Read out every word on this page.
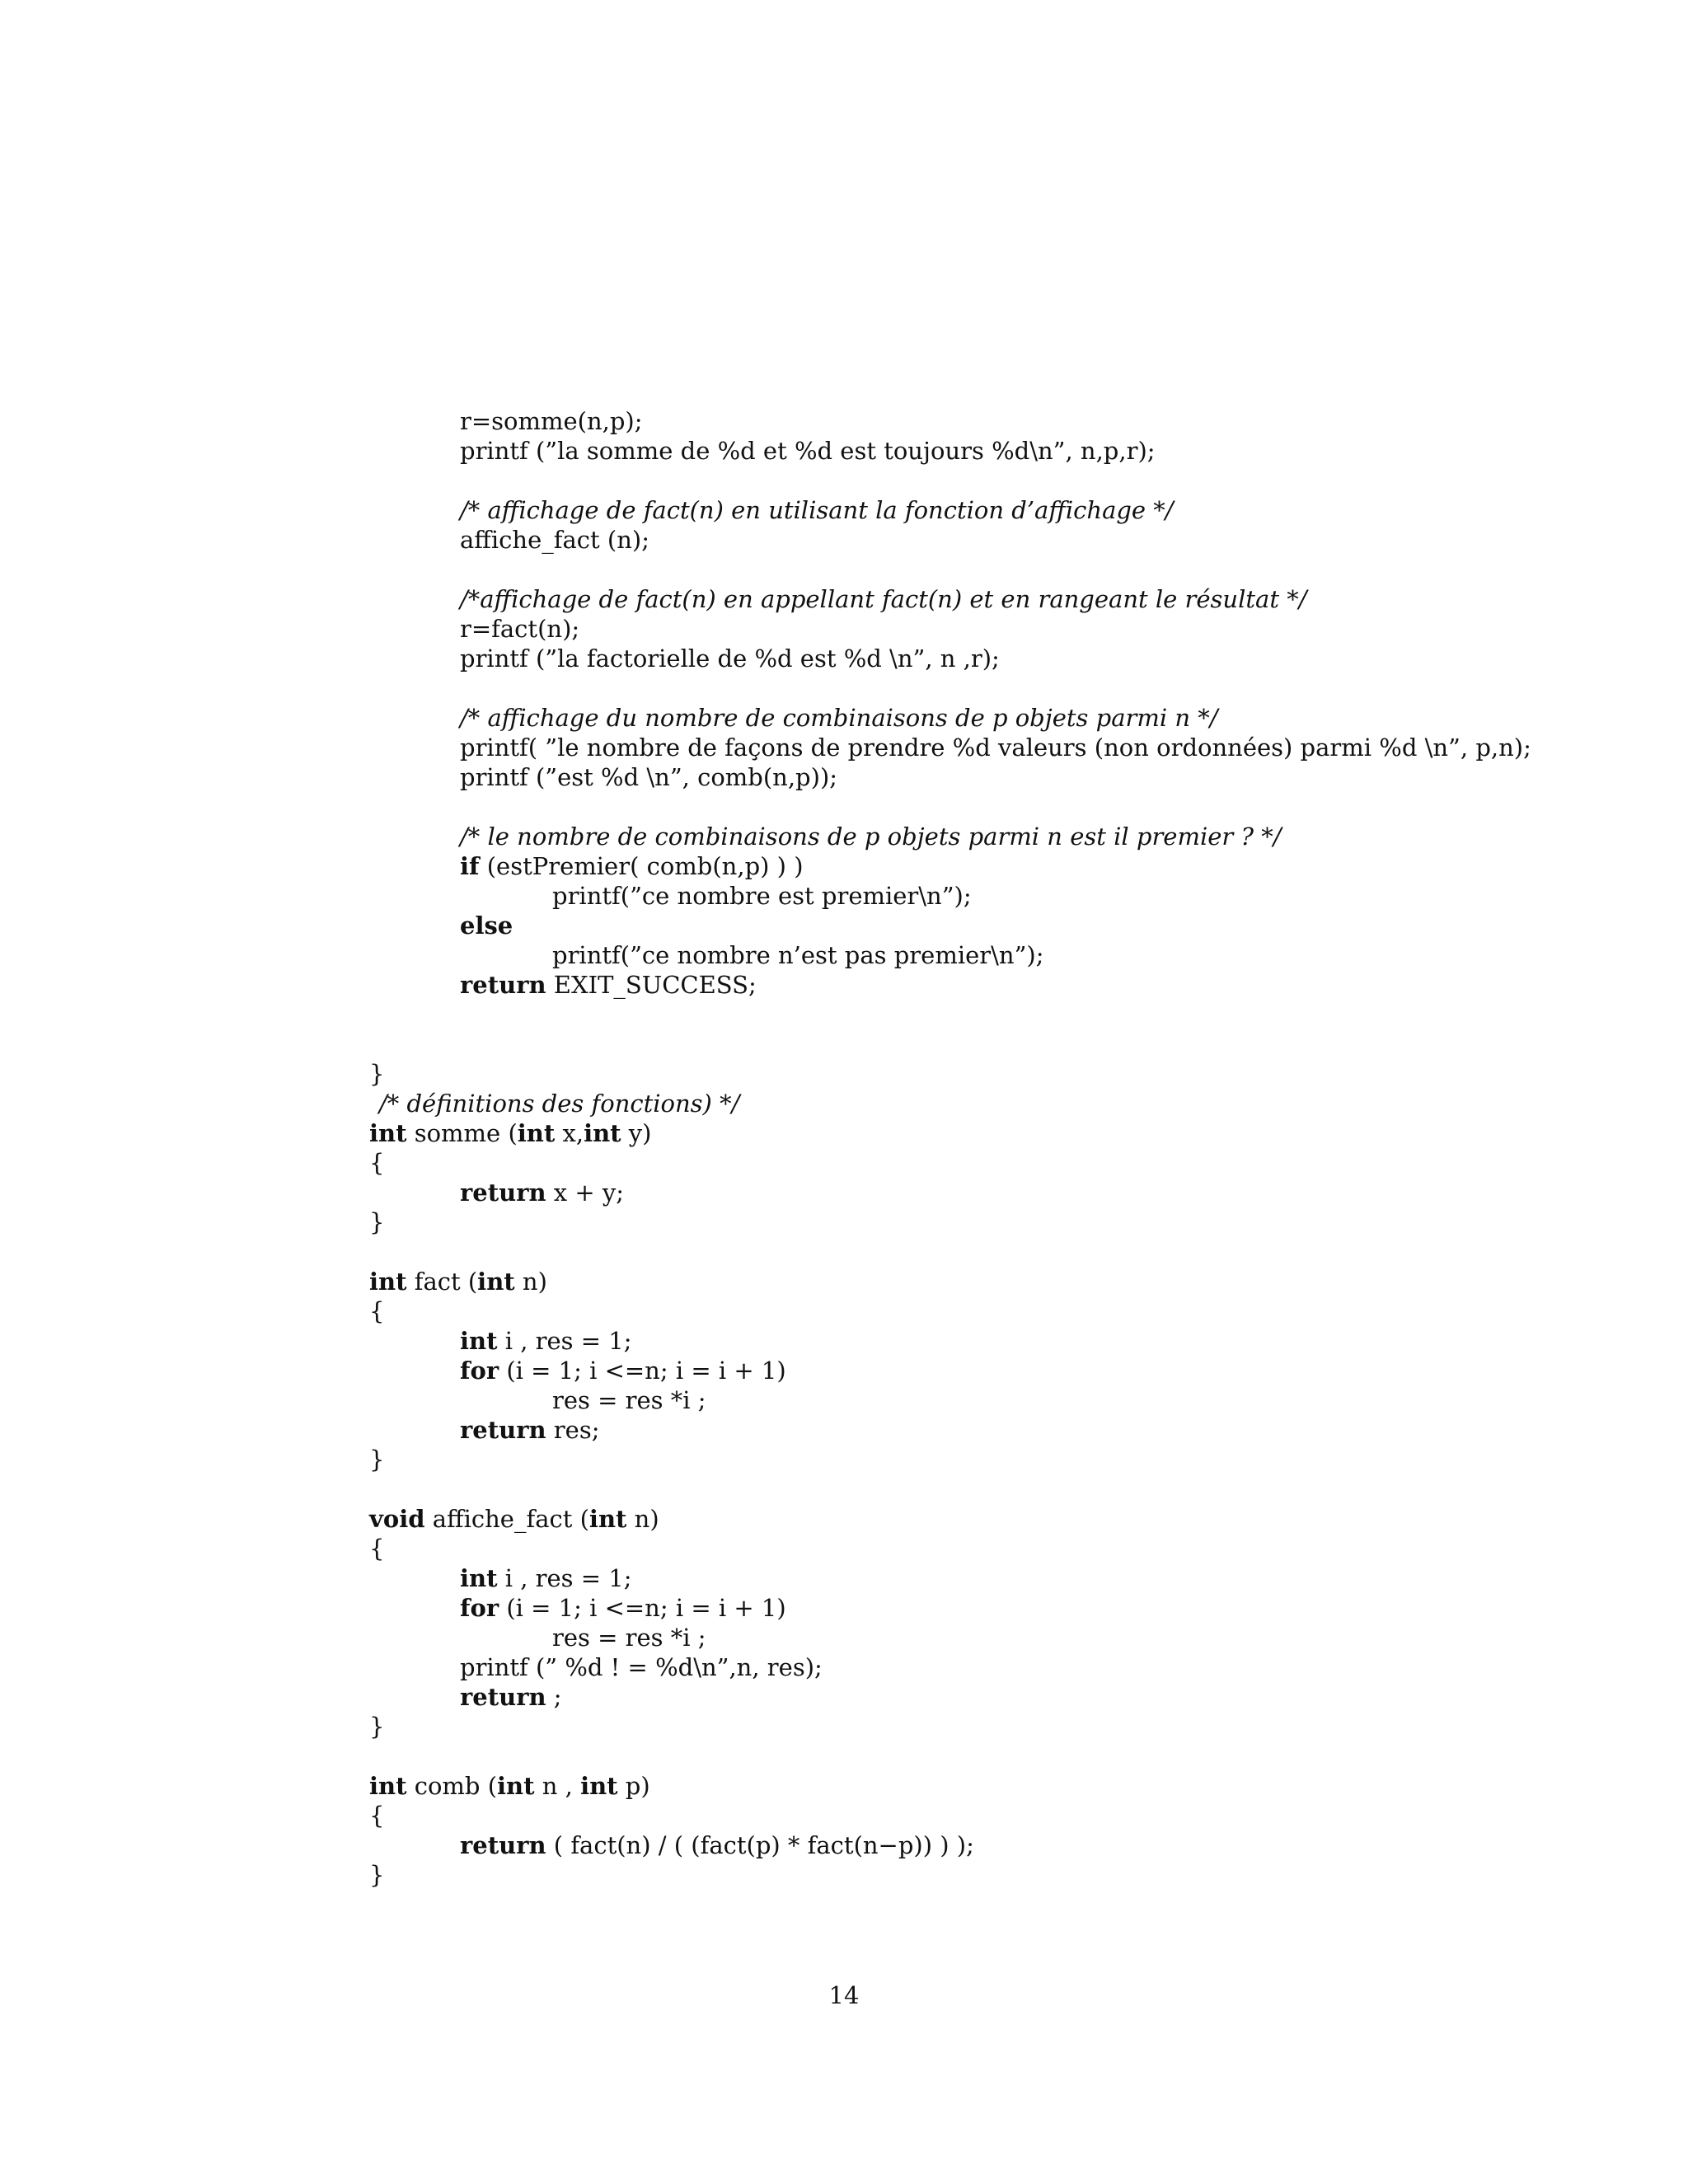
r=somme(n,p);
printf (”la somme de %d et %d est toujours %d\n”, n,p,r);
/* affichage de fact(n) en utilisant la fonction d’affichage */
affiche_fact (n);
/*affichage de fact(n) en appellant fact(n) et en rangeant le résultat */
r=fact(n);
printf (”la factorielle de %d est %d \n”, n ,r);
/* affichage du nombre de combinaisons de p objets parmi n */
printf( ”le nombre de façons de prendre %d valeurs (non ordonnées) parmi %d \n”, p,n);
printf (”est %d \n”, comb(n,p));
/* le nombre de combinaisons de p objets parmi n est il premier ? */
if (estPremier( comb(n,p) ) )
printf(”ce nombre est premier\n”);
else
printf(”ce nombre n’est pas premier\n”);
return EXIT_SUCCESS;
}
/* définitions des fonctions) */
int somme (int x,int y)
{
return x + y;
}
int fact (int n)
{
int i , res = 1;
for (i = 1; i <=n; i = i + 1)
res = res *i ;
return res;
}
void affiche_fact (int n)
{
int i , res = 1;
for (i = 1; i <=n; i = i + 1)
res = res *i ;
printf (” %d ! = %d\n”,n, res);
return ;
}
int comb (int n , int p)
{
return ( fact(n) / ( (fact(p) * fact(n−p)) ) );
}
14
